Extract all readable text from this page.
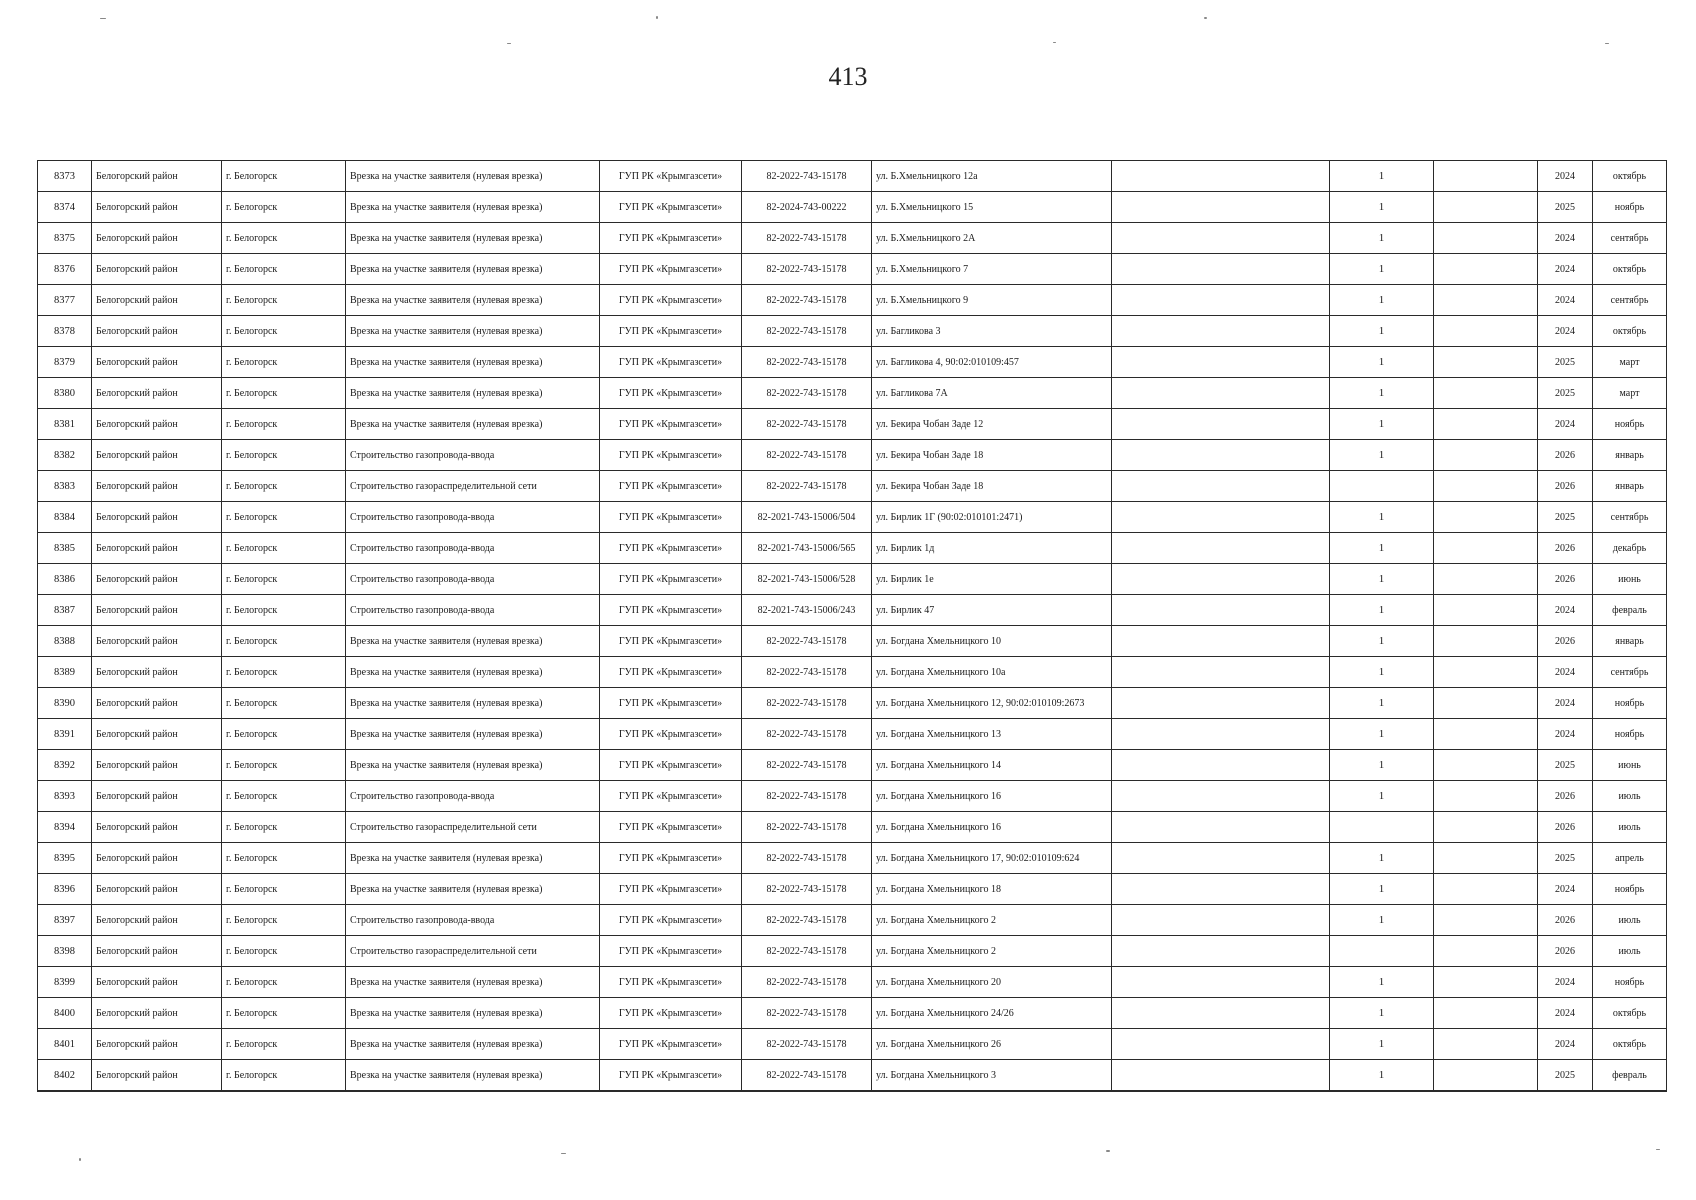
413
8373	Белогорский район	г. Белогорск	Врезка на участке заявителя (нулевая врезка)	ГУП РК «Крымгазсети»	82-2022-743-15178	ул. Б.Хмельницкого 12а		1		2024	октябрь
8374	Белогорский район	г. Белогорск	Врезка на участке заявителя (нулевая врезка)	ГУП РК «Крымгазсети»	82-2024-743-00222	ул. Б.Хмельницкого 15		1		2025	ноябрь
8375	Белогорский район	г. Белогорск	Врезка на участке заявителя (нулевая врезка)	ГУП РК «Крымгазсети»	82-2022-743-15178	ул. Б.Хмельницкого 2А		1		2024	сентябрь
8376	Белогорский район	г. Белогорск	Врезка на участке заявителя (нулевая врезка)	ГУП РК «Крымгазсети»	82-2022-743-15178	ул. Б.Хмельницкого 7		1		2024	октябрь
8377	Белогорский район	г. Белогорск	Врезка на участке заявителя (нулевая врезка)	ГУП РК «Крымгазсети»	82-2022-743-15178	ул. Б.Хмельницкого 9		1		2024	сентябрь
8378	Белогорский район	г. Белогорск	Врезка на участке заявителя (нулевая врезка)	ГУП РК «Крымгазсети»	82-2022-743-15178	ул. Багликова 3		1		2024	октябрь
8379	Белогорский район	г. Белогорск	Врезка на участке заявителя (нулевая врезка)	ГУП РК «Крымгазсети»	82-2022-743-15178	ул. Багликова 4, 90:02:010109:457		1		2025	март
8380	Белогорский район	г. Белогорск	Врезка на участке заявителя (нулевая врезка)	ГУП РК «Крымгазсети»	82-2022-743-15178	ул. Багликова 7А		1		2025	март
8381	Белогорский район	г. Белогорск	Врезка на участке заявителя (нулевая врезка)	ГУП РК «Крымгазсети»	82-2022-743-15178	ул. Бекира Чобан Заде 12		1		2024	ноябрь
8382	Белогорский район	г. Белогорск	Строительство газопровода-ввода	ГУП РК «Крымгазсети»	82-2022-743-15178	ул. Бекира Чобан Заде 18		1		2026	январь
8383	Белогорский район	г. Белогорск	Строительство газораспределительной сети	ГУП РК «Крымгазсети»	82-2022-743-15178	ул. Бекира Чобан Заде 18				2026	январь
8384	Белогорский район	г. Белогорск	Строительство газопровода-ввода	ГУП РК «Крымгазсети»	82-2021-743-15006/504	ул. Бирлик 1Г (90:02:010101:2471)		1		2025	сентябрь
8385	Белогорский район	г. Белогорск	Строительство газопровода-ввода	ГУП РК «Крымгазсети»	82-2021-743-15006/565	ул. Бирлик 1д		1		2026	декабрь
8386	Белогорский район	г. Белогорск	Строительство газопровода-ввода	ГУП РК «Крымгазсети»	82-2021-743-15006/528	ул. Бирлик 1е		1		2026	июнь
8387	Белогорский район	г. Белогорск	Строительство газопровода-ввода	ГУП РК «Крымгазсети»	82-2021-743-15006/243	ул. Бирлик 47		1		2024	февраль
8388	Белогорский район	г. Белогорск	Врезка на участке заявителя (нулевая врезка)	ГУП РК «Крымгазсети»	82-2022-743-15178	ул. Богдана Хмельницкого 10		1		2026	январь
8389	Белогорский район	г. Белогорск	Врезка на участке заявителя (нулевая врезка)	ГУП РК «Крымгазсети»	82-2022-743-15178	ул. Богдана Хмельницкого 10а		1		2024	сентябрь
8390	Белогорский район	г. Белогорск	Врезка на участке заявителя (нулевая врезка)	ГУП РК «Крымгазсети»	82-2022-743-15178	ул. Богдана Хмельницкого 12, 90:02:010109:2673		1		2024	ноябрь
8391	Белогорский район	г. Белогорск	Врезка на участке заявителя (нулевая врезка)	ГУП РК «Крымгазсети»	82-2022-743-15178	ул. Богдана Хмельницкого 13		1		2024	ноябрь
8392	Белогорский район	г. Белогорск	Врезка на участке заявителя (нулевая врезка)	ГУП РК «Крымгазсети»	82-2022-743-15178	ул. Богдана Хмельницкого 14		1		2025	июнь
8393	Белогорский район	г. Белогорск	Строительство газопровода-ввода	ГУП РК «Крымгазсети»	82-2022-743-15178	ул. Богдана Хмельницкого 16		1		2026	июль
8394	Белогорский район	г. Белогорск	Строительство газораспределительной сети	ГУП РК «Крымгазсети»	82-2022-743-15178	ул. Богдана Хмельницкого 16				2026	июль
8395	Белогорский район	г. Белогорск	Врезка на участке заявителя (нулевая врезка)	ГУП РК «Крымгазсети»	82-2022-743-15178	ул. Богдана Хмельницкого 17, 90:02:010109:624		1		2025	апрель
8396	Белогорский район	г. Белогорск	Врезка на участке заявителя (нулевая врезка)	ГУП РК «Крымгазсети»	82-2022-743-15178	ул. Богдана Хмельницкого 18		1		2024	ноябрь
8397	Белогорский район	г. Белогорск	Строительство газопровода-ввода	ГУП РК «Крымгазсети»	82-2022-743-15178	ул. Богдана Хмельницкого 2		1		2026	июль
8398	Белогорский район	г. Белогорск	Строительство газораспределительной сети	ГУП РК «Крымгазсети»	82-2022-743-15178	ул. Богдана Хмельницкого 2				2026	июль
8399	Белогорский район	г. Белогорск	Врезка на участке заявителя (нулевая врезка)	ГУП РК «Крымгазсети»	82-2022-743-15178	ул. Богдана Хмельницкого 20		1		2024	ноябрь
8400	Белогорский район	г. Белогорск	Врезка на участке заявителя (нулевая врезка)	ГУП РК «Крымгазсети»	82-2022-743-15178	ул. Богдана Хмельницкого 24/26		1		2024	октябрь
8401	Белогорский район	г. Белогорск	Врезка на участке заявителя (нулевая врезка)	ГУП РК «Крымгазсети»	82-2022-743-15178	ул. Богдана Хмельницкого 26		1		2024	октябрь
8402	Белогорский район	г. Белогорск	Врезка на участке заявителя (нулевая врезка)	ГУП РК «Крымгазсети»	82-2022-743-15178	ул. Богдана Хмельницкого 3		1		2025	февраль
